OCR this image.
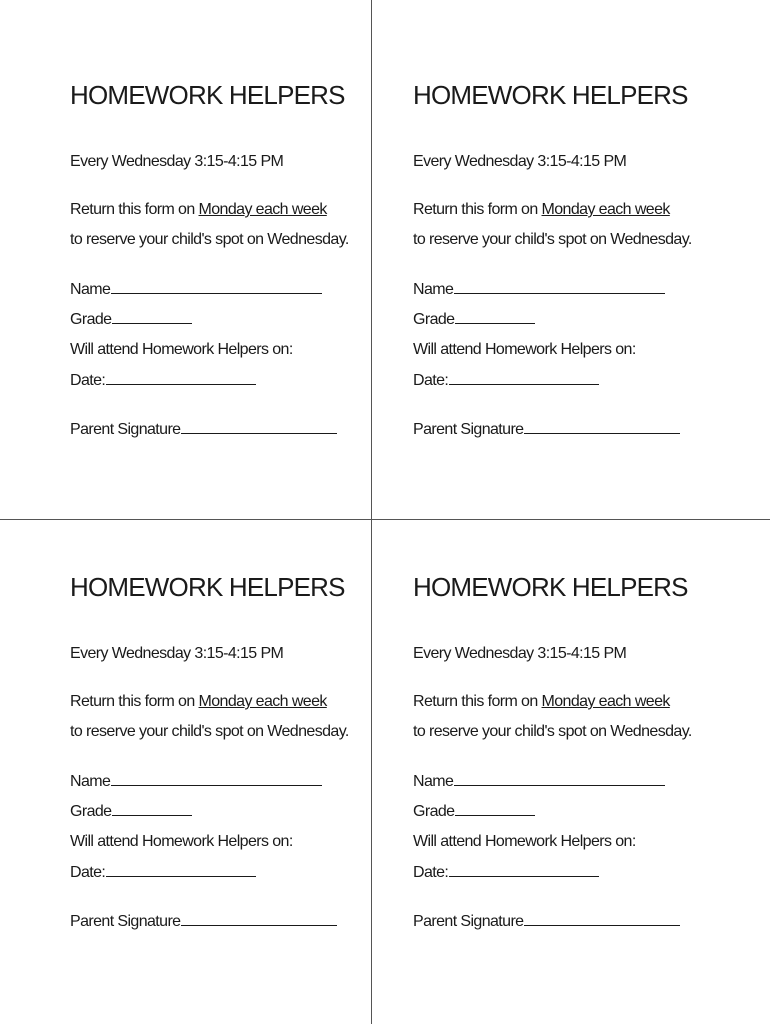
HOMEWORK HELPERS
Every Wednesday 3:15-4:15 PM
Return this form on Monday each week
to reserve your child's spot on Wednesday.
Name
Grade
Will attend Homework Helpers on:
Date:
Parent Signature
HOMEWORK HELPERS
Every Wednesday 3:15-4:15 PM
Return this form on Monday each week
to reserve your child's spot on Wednesday.
Name
Grade
Will attend Homework Helpers on:
Date:
Parent Signature
HOMEWORK HELPERS
Every Wednesday 3:15-4:15 PM
Return this form on Monday each week
to reserve your child's spot on Wednesday.
Name
Grade
Will attend Homework Helpers on:
Date:
Parent Signature
HOMEWORK HELPERS
Every Wednesday 3:15-4:15 PM
Return this form on Monday each week
to reserve your child's spot on Wednesday.
Name
Grade
Will attend Homework Helpers on:
Date:
Parent Signature
